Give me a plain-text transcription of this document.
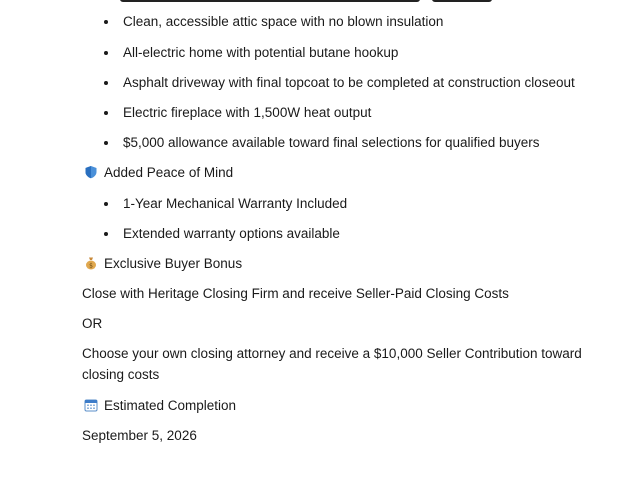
Clean, accessible attic space with no blown insulation
All-electric home with potential butane hookup
Asphalt driveway with final topcoat to be completed at construction closeout
Electric fireplace with 1,500W heat output
$5,000 allowance available toward final selections for qualified buyers
Added Peace of Mind
1-Year Mechanical Warranty Included
Extended warranty options available
$ Exclusive Buyer Bonus
Close with Heritage Closing Firm and receive Seller-Paid Closing Costs
OR
Choose your own closing attorney and receive a $10,000 Seller Contribution toward
closing costs
Estimated Completion
September 5, 2026
